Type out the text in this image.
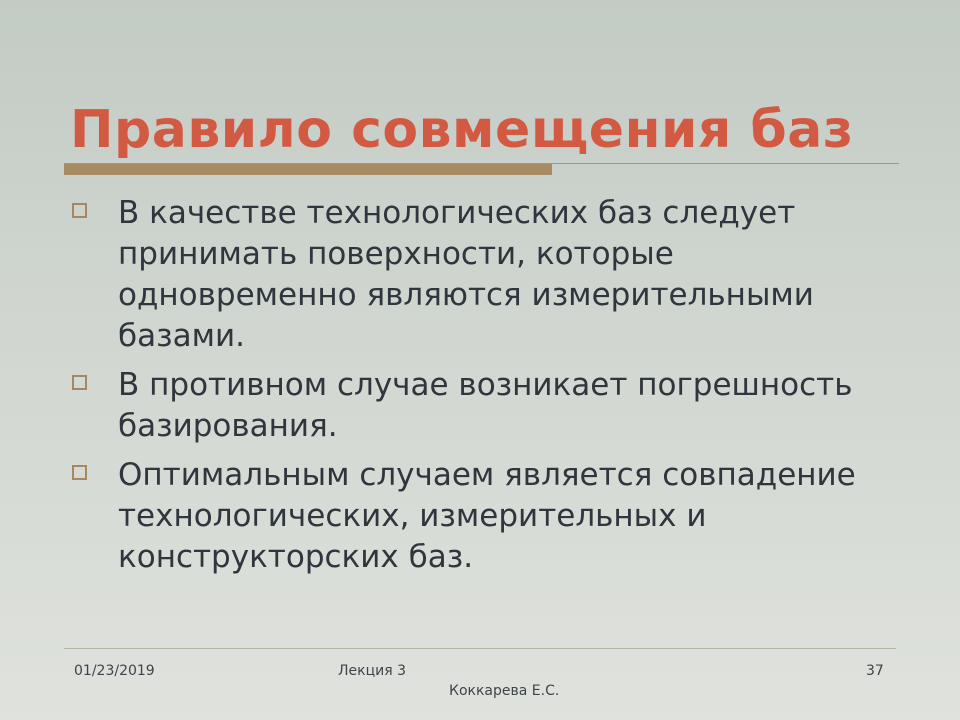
Правило совмещения баз
В качестве технологических баз следует принимать поверхности, которые одновременно являются измерительными базами.
В противном случае возникает погрешность базирования.
Оптимальным случаем является совпадение технологических, измерительных и конструкторских баз.
01/23/2019	Лекция 3
Коккарева Е.С.
37
